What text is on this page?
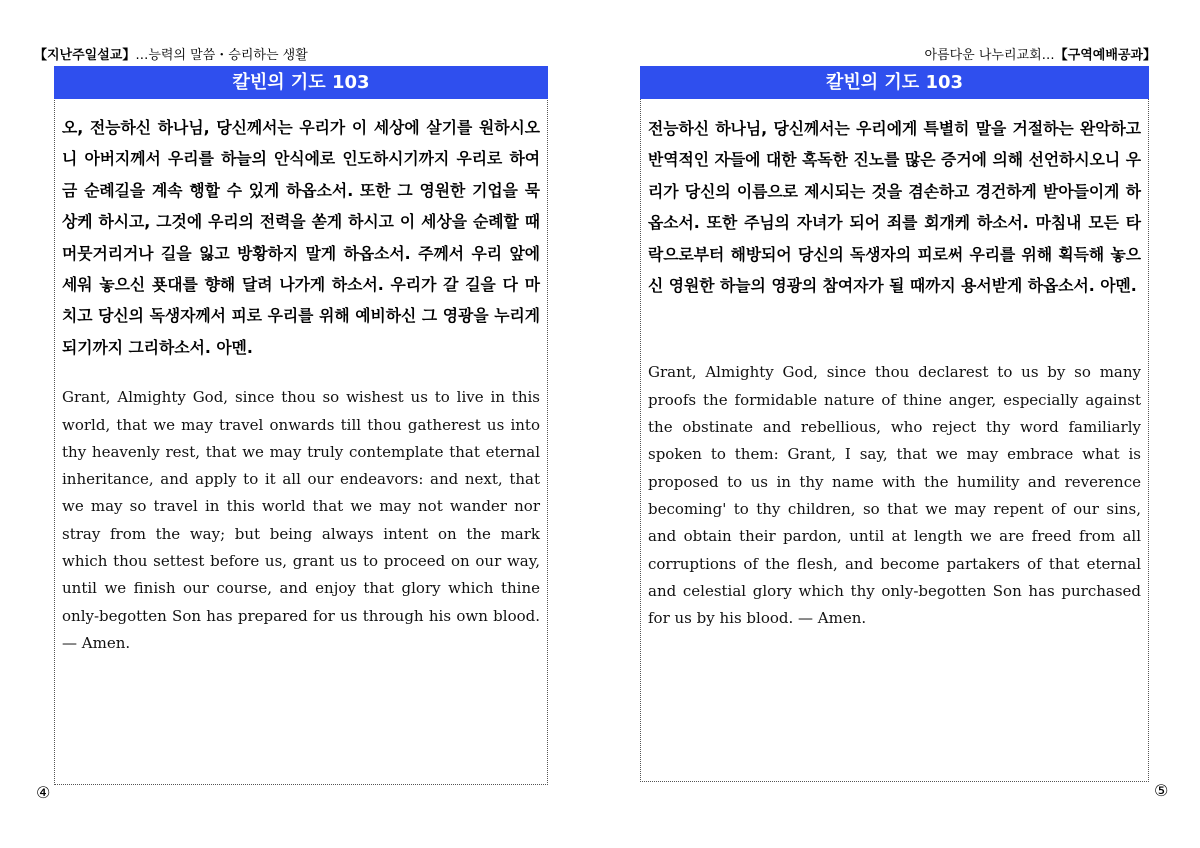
【지난주일설교】…능력의 말씀・승리하는 생활	아름다운 나누리교회…【구역예배공과】
칼빈의 기도 103
오, 전능하신 하나님, 당신께서는 우리가 이 세상에 살기를 원하시오니 아버지께서 우리를 하늘의 안식에로 인도하시기까지 우리로 하여금 순례길을 계속 행할 수 있게 하옵소서. 또한 그 영원한 기업을 묵상케 하시고, 그것에 우리의 전력을 쏟게 하시고 이 세상을 순례할 때 머뭇거리거나 길을 잃고 방황하지 말게 하옵소서. 주께서 우리 앞에 세워 놓으신 푯대를 향해 달려 나가게 하소서. 우리가 갈 길을 다 마치고 당신의 독생자께서 피로 우리를 위해 예비하신 그 영광을 누리게 되기까지 그리하소서. 아멘.
Grant, Almighty God, since thou so wishest us to live in this world, that we may travel onwards till thou gatherest us into thy heavenly rest, that we may truly contemplate that eternal inheritance, and apply to it all our endeavors: and next, that we may so travel in this world that we may not wander nor stray from the way; but being always intent on the mark which thou settest before us, grant us to proceed on our way, until we finish our course, and enjoy that glory which thine only-begotten Son has prepared for us through his own blood. — Amen.
④
칼빈의 기도 103
전능하신 하나님, 당신께서는 우리에게 특별히 말을 거절하는 완악하고 반역적인 자들에 대한 혹독한 진노를 많은 증거에 의해 선언하시오니 우리가 당신의 이름으로 제시되는 것을 겸손하고 경건하게 받아들이게 하옵소서. 또한 주님의 자녀가 되어 죄를 회개케 하소서. 마침내 모든 타락으로부터 해방되어 당신의 독생자의 피로써 우리를 위해 획득해 놓으신 영원한 하늘의 영광의 참여자가 될 때까지 용서받게 하옵소서. 아멘.
Grant, Almighty God, since thou declarest to us by so many proofs the formidable nature of thine anger, especially against the obstinate and rebellious, who reject thy word familiarly spoken to them: Grant, I say, that we may embrace what is proposed to us in thy name with the humility and reverence becoming' to thy children, so that we may repent of our sins, and obtain their pardon, until at length we are freed from all corruptions of the flesh, and become partakers of that eternal and celestial glory which thy only-begotten Son has purchased for us by his blood. — Amen.
⑤
